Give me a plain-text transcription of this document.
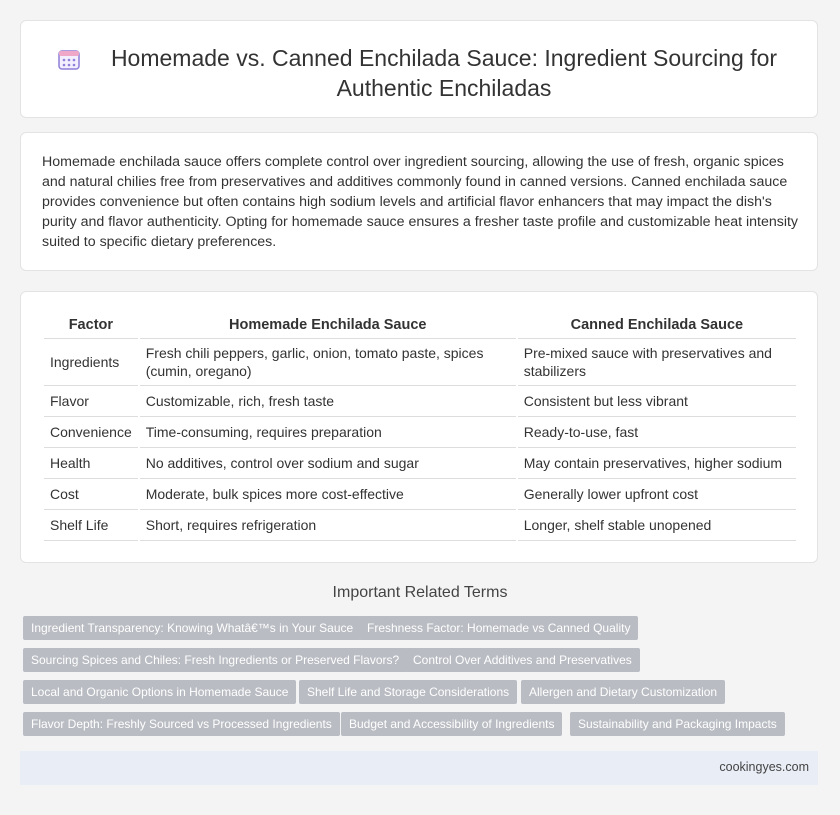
Homemade vs. Canned Enchilada Sauce: Ingredient Sourcing for Authentic Enchiladas

Homemade enchilada sauce offers complete control over ingredient sourcing, allowing the use of fresh, organic spices and natural chilies free from preservatives and additives commonly found in canned versions. Canned enchilada sauce provides convenience but often contains high sodium levels and artificial flavor enhancers that may impact the dish's purity and flavor authenticity. Opting for homemade sauce ensures a fresher taste profile and customizable heat intensity suited to specific dietary preferences.

Factor	Homemade Enchilada Sauce	Canned Enchilada Sauce
Ingredients	Fresh chili peppers, garlic, onion, tomato paste, spices (cumin, oregano)	Pre-mixed sauce with preservatives and stabilizers
Flavor	Customizable, rich, fresh taste	Consistent but less vibrant
Convenience	Time-consuming, requires preparation	Ready-to-use, fast
Health	No additives, control over sodium and sugar	May contain preservatives, higher sodium
Cost	Moderate, bulk spices more cost-effective	Generally lower upfront cost
Shelf Life	Short, requires refrigeration	Longer, shelf stable unopened
Important Related Terms
Ingredient Transparency: Knowing Whatâ€™s in Your Sauce	Freshness Factor: Homemade vs Canned Quality
Sourcing Spices and Chiles: Fresh Ingredients or Preserved Flavors?	Control Over Additives and Preservatives
Local and Organic Options in Homemade Sauce	Shelf Life and Storage Considerations	Allergen and Dietary Customization
Flavor Depth: Freshly Sourced vs Processed Ingredients	Budget and Accessibility of Ingredients	Sustainability and Packaging Impacts
cookingyes.com
